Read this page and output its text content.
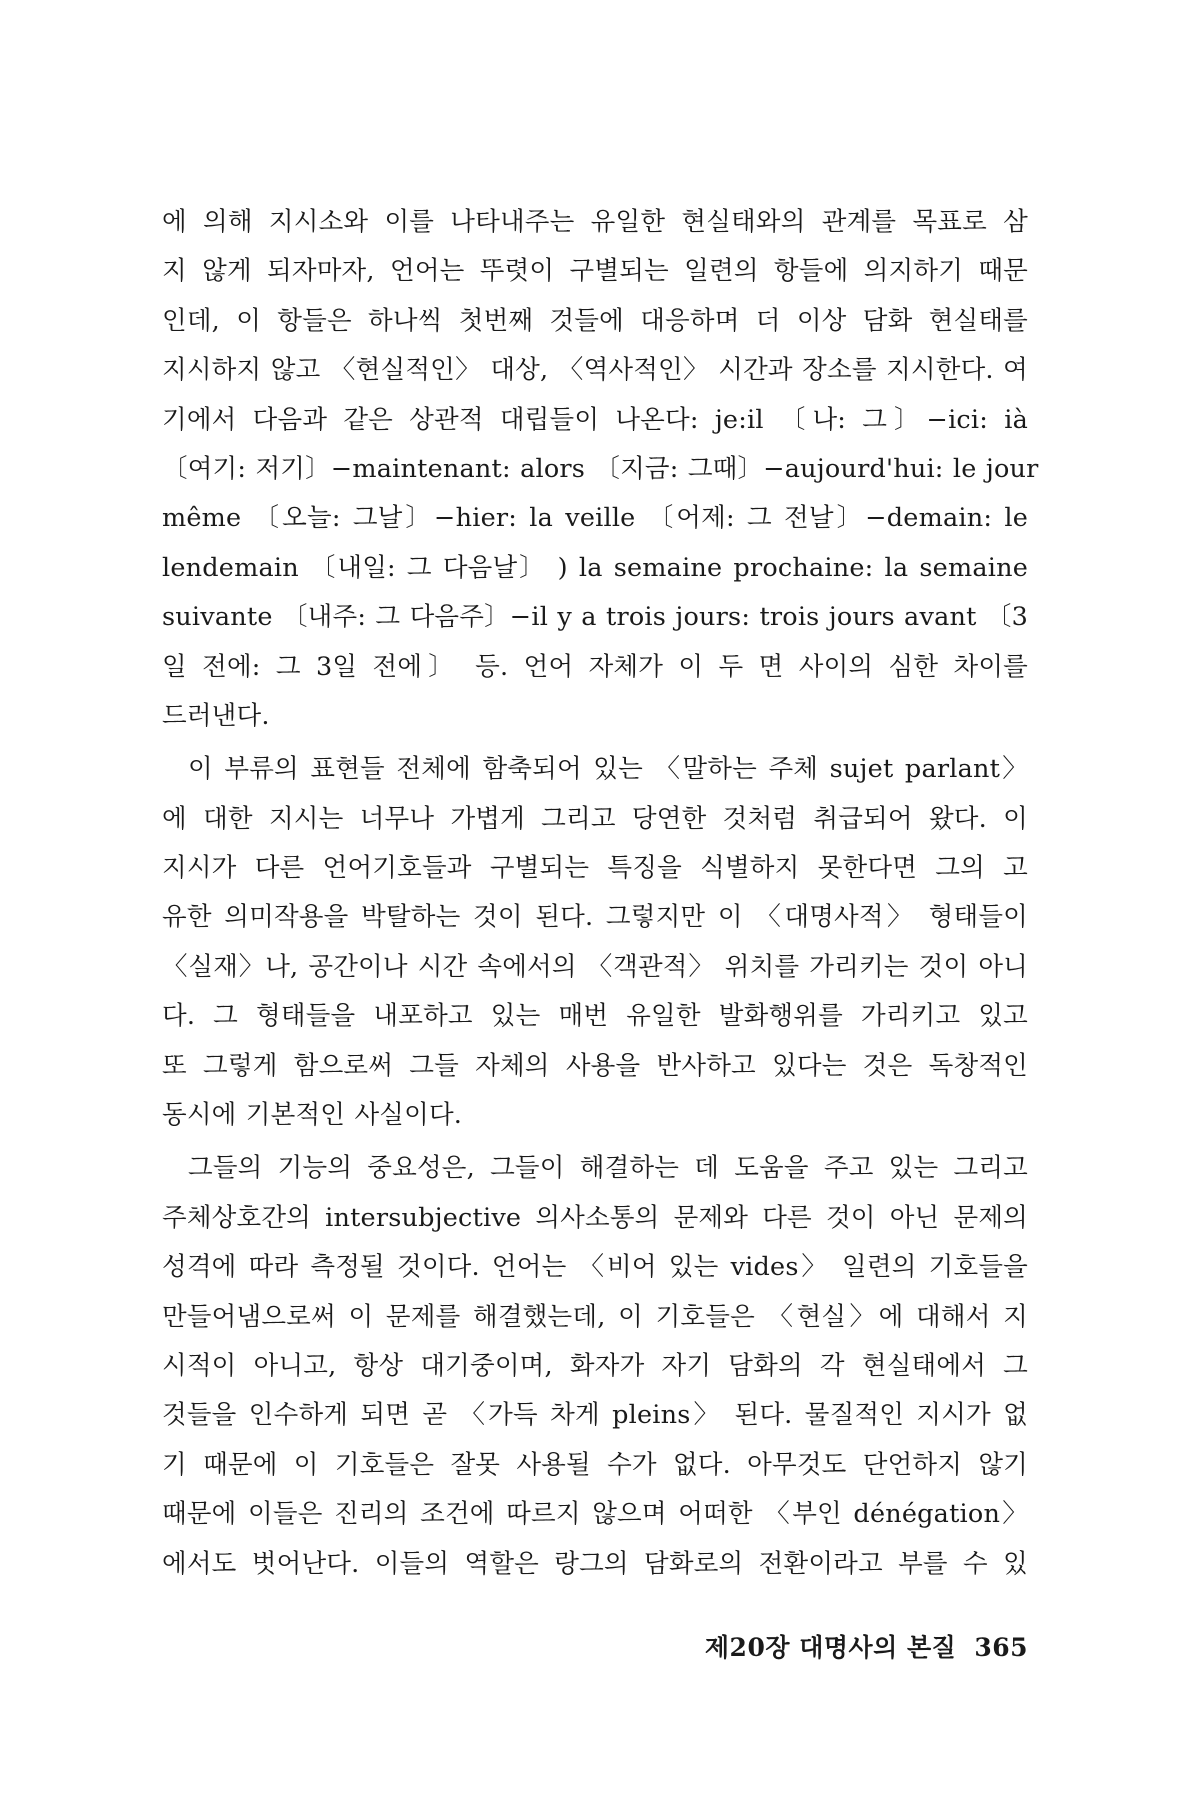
에 의해 지시소와 이를 나타내주는 유일한 현실태와의 관계를 목표로 삼
지 않게 되자마자, 언어는 뚜렷이 구별되는 일련의 항들에 의지하기 때문
인데, 이 항들은 하나씩 첫번째 것들에 대응하며 더 이상 담화 현실태를
지시하지 않고 〈현실적인〉 대상, 〈역사적인〉 시간과 장소를 지시한다. 여
기에서 다음과 같은 상관적 대립들이 나온다: je:il 〔나: 그〕−ici: ià
〔여기: 저기〕−maintenant: alors 〔지금: 그때〕−aujourd'hui: le jour
même 〔오늘: 그날〕−hier: la veille 〔어제: 그 전날〕−demain: le
lendemain 〔내일: 그 다음날〕 ) la semaine prochaine: la semaine
suivante 〔내주: 그 다음주〕−il y a trois jours: trois jours avant 〔3
일 전에: 그 3일 전에〕 등. 언어 자체가 이 두 면 사이의 심한 차이를
드러낸다.
이 부류의 표현들 전체에 함축되어 있는 〈말하는 주체 sujet parlant〉
에 대한 지시는 너무나 가볍게 그리고 당연한 것처럼 취급되어 왔다. 이
지시가 다른 언어기호들과 구별되는 특징을 식별하지 못한다면 그의 고
유한 의미작용을 박탈하는 것이 된다. 그렇지만 이 〈대명사적〉 형태들이
〈실재〉나, 공간이나 시간 속에서의 〈객관적〉 위치를 가리키는 것이 아니
다. 그 형태들을 내포하고 있는 매번 유일한 발화행위를 가리키고 있고
또 그렇게 함으로써 그들 자체의 사용을 반사하고 있다는 것은 독창적인
동시에 기본적인 사실이다.
그들의 기능의 중요성은, 그들이 해결하는 데 도움을 주고 있는 그리고
주체상호간의 intersubjective 의사소통의 문제와 다른 것이 아닌 문제의
성격에 따라 측정될 것이다. 언어는 〈비어 있는 vides〉 일련의 기호들을
만들어냄으로써 이 문제를 해결했는데, 이 기호들은 〈현실〉에 대해서 지
시적이 아니고, 항상 대기중이며, 화자가 자기 담화의 각 현실태에서 그
것들을 인수하게 되면 곧 〈가득 차게 pleins〉 된다. 물질적인 지시가 없
기 때문에 이 기호들은 잘못 사용될 수가 없다. 아무것도 단언하지 않기
때문에 이들은 진리의 조건에 따르지 않으며 어떠한 〈부인 dénégation〉
에서도 벗어난다. 이들의 역할은 랑그의 담화로의 전환이라고 부를 수 있
제20장 대명사의 본질 365
